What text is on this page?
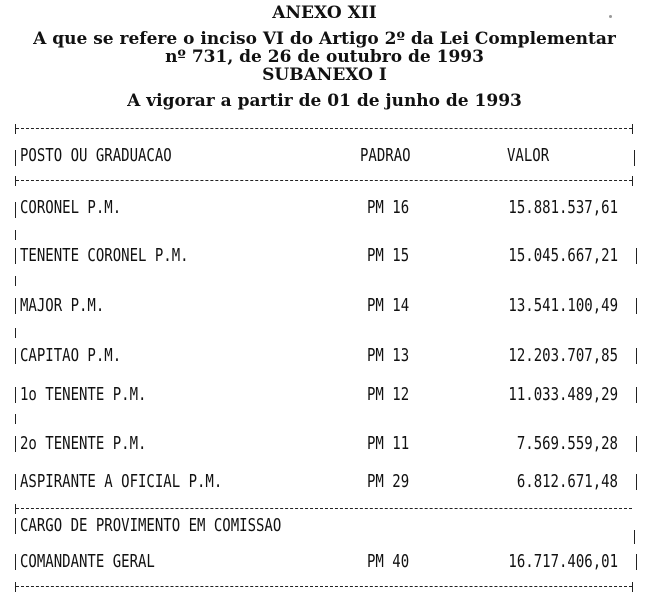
ANEXO XII
A que se refere o inciso VI do Artigo 2º da Lei Complementar
nº 731, de 26 de outubro de 1993
SUBANEXO I
A vigorar a partir de 01 de junho de 1993
POSTO OU GRADUACAO	PADRAO	VALOR
CORONEL P.M.	PM 16	15.881.537,61
TENENTE CORONEL P.M.	PM 15	15.045.667,21
MAJOR P.M.	PM 14	13.541.100,49
CAPITAO P.M.	PM 13	12.203.707,85
1o TENENTE P.M.	PM 12	11.033.489,29
2o TENENTE P.M.	PM 11	7.569.559,28
ASPIRANTE A OFICIAL P.M.	PM 29	6.812.671,48
CARGO DE PROVIMENTO EM COMISSAO
COMANDANTE GERAL	PM 40	16.717.406,01
